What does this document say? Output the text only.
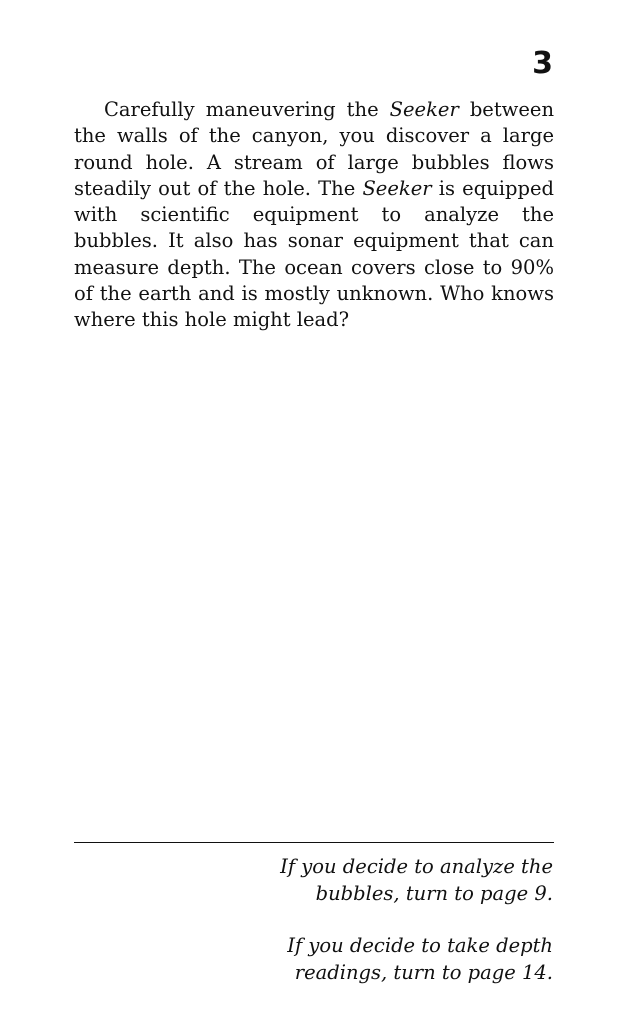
3

Carefully maneuvering the Seeker between the walls of the canyon, you discover a large round hole. A stream of large bubbles flows steadily out of the hole. The Seeker is equipped with scientific equipment to analyze the bubbles. It also has sonar equipment that can measure depth. The ocean covers close to 90% of the earth and is mostly unknown. Who knows where this hole might lead?

If you decide to analyze the
bubbles, turn to page 9.

If you decide to take depth
readings, turn to page 14.
